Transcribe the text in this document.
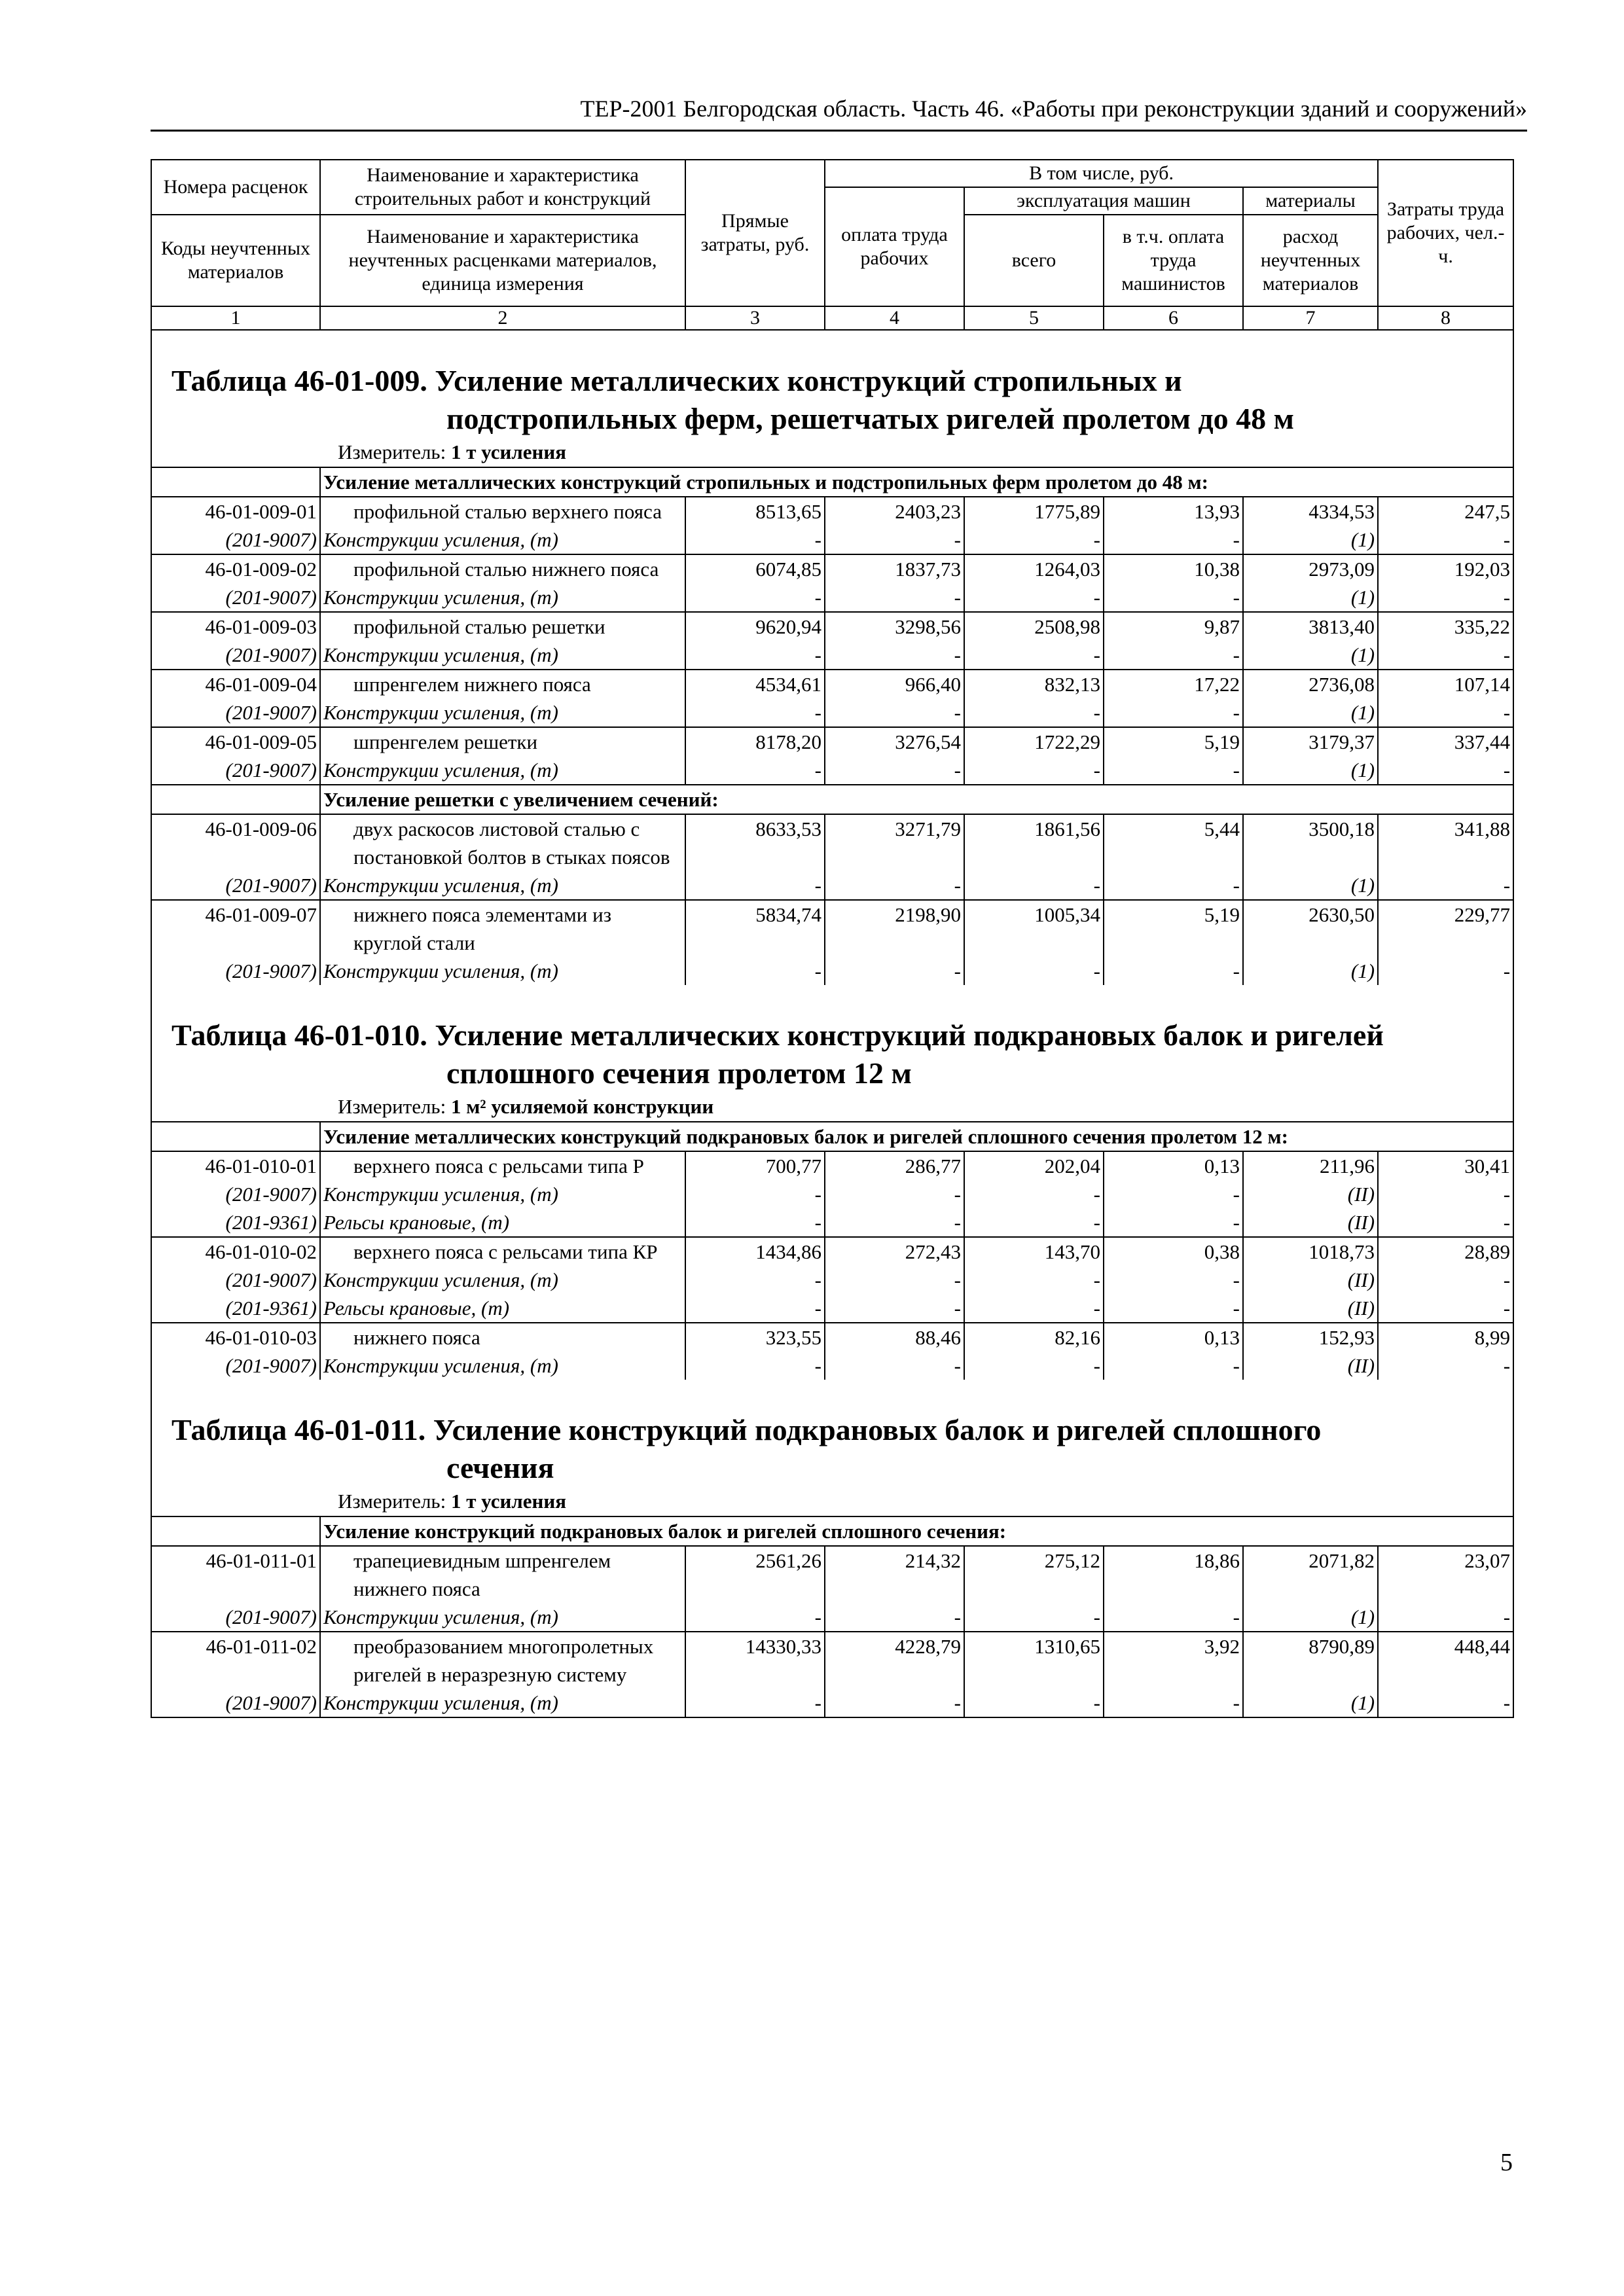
ТЕР-2001 Белгородская область. Часть 46. «Работы при реконструкции зданий и сооружений»
Номера расценок	Наименование и характеристика строительных работ и конструкций	Прямые затраты, руб.	В том числе, руб.				Затраты труда рабочих, чел.-ч.
			оплата труда рабочих	эксплуатация машин		материалы	
Коды неучтенных материалов	Наименование и характеристика неучтенных расценками материалов, единица измерения			всего	в т.ч. оплата труда машинистов	расход неучтенных материалов	

1	2	3	4	5	6	7	8

Таблица 46-01-009. Усиление металлических конструкций стропильных и
подстропильных ферм, решетчатых ригелей пролетом до 48 м							

Измеритель: 1 т усиления							

	Усиление металлических конструкций стропильных и подстропильных ферм пролетом до 48 м:						
46-01-009-01	профильной сталью верхнего пояса	8513,65	2403,23	1775,89	13,93	4334,53	247,5
(201-9007)	Конструкции усиления, (т)	-	-	-	-	(1)	-
46-01-009-02	профильной сталью нижнего пояса	6074,85	1837,73	1264,03	10,38	2973,09	192,03
(201-9007)	Конструкции усиления, (т)	-	-	-	-	(1)	-
46-01-009-03	профильной сталью решетки	9620,94	3298,56	2508,98	9,87	3813,40	335,22
(201-9007)	Конструкции усиления, (т)	-	-	-	-	(1)	-
46-01-009-04	шпренгелем нижнего пояса	4534,61	966,40	832,13	17,22	2736,08	107,14
(201-9007)	Конструкции усиления, (т)	-	-	-	-	(1)	-
46-01-009-05	шпренгелем решетки	8178,20	3276,54	1722,29	5,19	3179,37	337,44
(201-9007)	Конструкции усиления, (т)	-	-	-	-	(1)	-
	Усиление решетки с увеличением сечений:						
46-01-009-06	двух раскосов листовой сталью с постановкой болтов в стыках поясов	8633,53	3271,79	1861,56	5,44	3500,18	341,88
(201-9007)	Конструкции усиления, (т)	-	-	-	-	(1)	-
46-01-009-07	нижнего пояса элементами из круглой стали	5834,74	2198,90	1005,34	5,19	2630,50	229,77
(201-9007)	Конструкции усиления, (т)	-	-	-	-	(1)	-

Таблица 46-01-010. Усиление металлических конструкций подкрановых балок и ригелей
сплошного сечения пролетом 12 м							

Измеритель: 1 м² усиляемой конструкции							

	Усиление металлических конструкций подкрановых балок и ригелей сплошного сечения пролетом 12 м:						
46-01-010-01	верхнего пояса с рельсами типа Р	700,77	286,77	202,04	0,13	211,96	30,41
(201-9007)	Конструкции усиления, (т)	-	-	-	-	(II)	-
(201-9361)	Рельсы крановые, (т)	-	-	-	-	(II)	-
46-01-010-02	верхнего пояса с рельсами типа КР	1434,86	272,43	143,70	0,38	1018,73	28,89
(201-9007)	Конструкции усиления, (т)	-	-	-	-	(II)	-
(201-9361)	Рельсы крановые, (т)	-	-	-	-	(II)	-
46-01-010-03	нижнего пояса	323,55	88,46	82,16	0,13	152,93	8,99
(201-9007)	Конструкции усиления, (т)	-	-	-	-	(II)	-

Таблица 46-01-011. Усиление конструкций подкрановых балок и ригелей сплошного
сечения							

Измеритель: 1 т усиления							

	Усиление конструкций подкрановых балок и ригелей сплошного сечения:						
46-01-011-01	трапециевидным шпренгелем нижнего пояса	2561,26	214,32	275,12	18,86	2071,82	23,07
(201-9007)	Конструкции усиления, (т)	-	-	-	-	(1)	-
46-01-011-02	преобразованием многопролетных ригелей в неразрезную систему	14330,33	4228,79	1310,65	3,92	8790,89	448,44
(201-9007)	Конструкции усиления, (т)	-	-	-	-	(1)	-
5
